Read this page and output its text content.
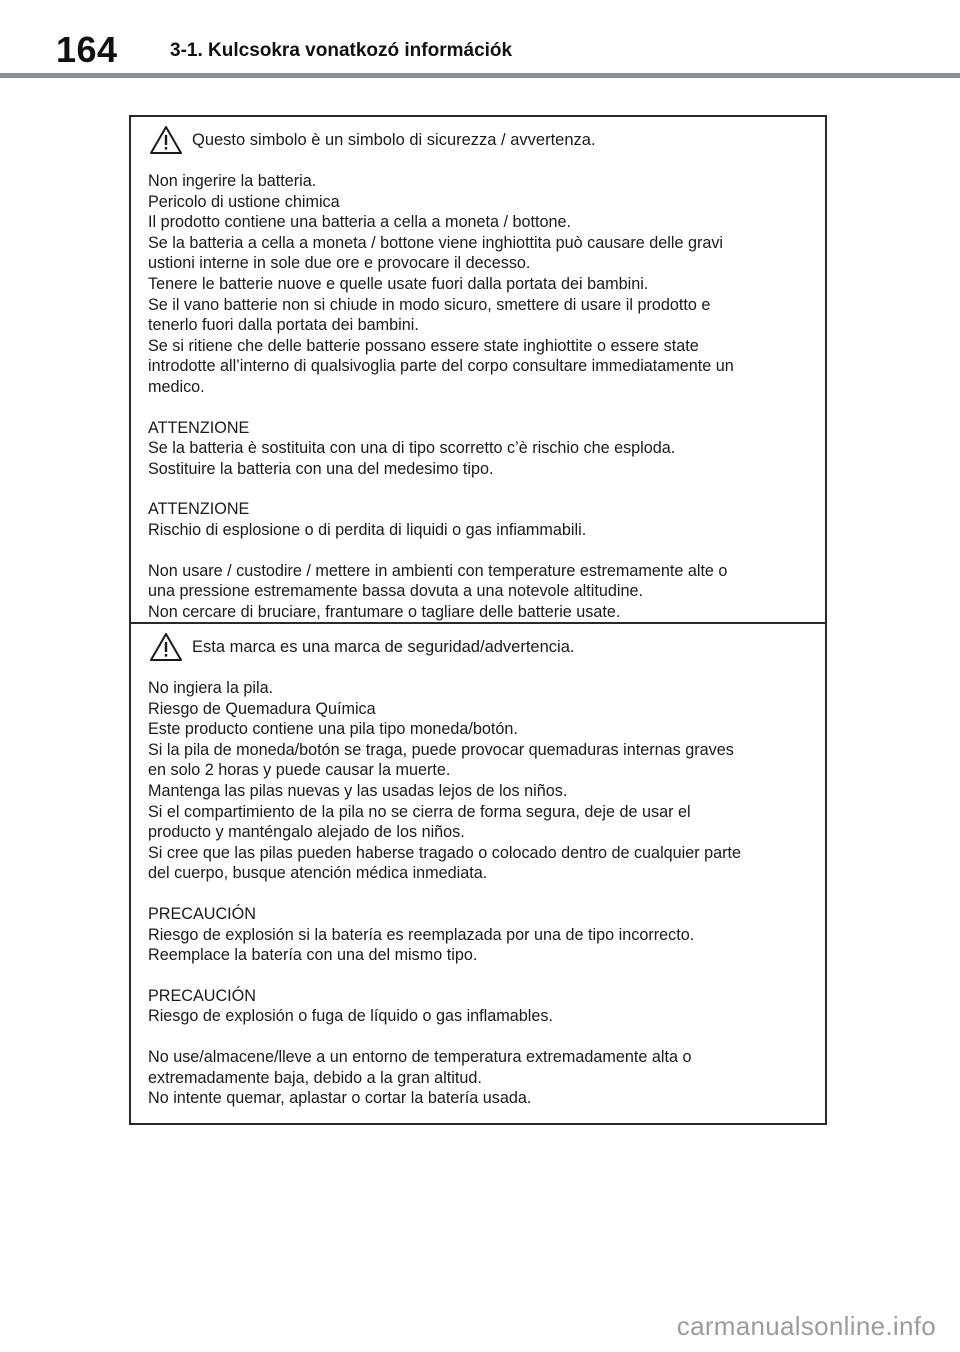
164	3-1. Kulcsokra vonatkozó információk
Questo simbolo è un simbolo di sicurezza / avvertenza.

Non ingerire la batteria.
Pericolo di ustione chimica
Il prodotto contiene una batteria a cella a moneta / bottone.
Se la batteria a cella a moneta / bottone viene inghiottita può causare delle gravi
ustioni interne in sole due ore e provocare il decesso.
Tenere le batterie nuove e quelle usate fuori dalla portata dei bambini.
Se il vano batterie non si chiude in modo sicuro, smettere di usare il prodotto e
tenerlo fuori dalla portata dei bambini.
Se si ritiene che delle batterie possano essere state inghiottite o essere state
introdotte all’interno di qualsivoglia parte del corpo consultare immediatamente un
medico.

ATTENZIONE
Se la batteria è sostituita con una di tipo scorretto c’è rischio che esploda.
Sostituire la batteria con una del medesimo tipo.

ATTENZIONE
Rischio di esplosione o di perdita di liquidi o gas infiammabili.

Non usare / custodire / mettere in ambienti con temperature estremamente alte o
una pressione estremamente bassa dovuta a una notevole altitudine.
Non cercare di bruciare, frantumare o tagliare delle batterie usate.

Esta marca es una marca de seguridad/advertencia.

No ingiera la pila.
Riesgo de Quemadura Química
Este producto contiene una pila tipo moneda/botón.
Si la pila de moneda/botón se traga, puede provocar quemaduras internas graves
en solo 2 horas y puede causar la muerte.
Mantenga las pilas nuevas y las usadas lejos de los niños.
Si el compartimiento de la pila no se cierra de forma segura, deje de usar el
producto y manténgalo alejado de los niños.
Si cree que las pilas pueden haberse tragado o colocado dentro de cualquier parte
del cuerpo, busque atención médica inmediata.

PRECAUCIÓN
Riesgo de explosión si la batería es reemplazada por una de tipo incorrecto.
Reemplace la batería con una del mismo tipo.

PRECAUCIÓN
Riesgo de explosión o fuga de líquido o gas inflamables.

No use/almacene/lleve a un entorno de temperatura extremadamente alta o
extremadamente baja, debido a la gran altitud.
No intente quemar, aplastar o cortar la batería usada.

carmanualsonline.info
